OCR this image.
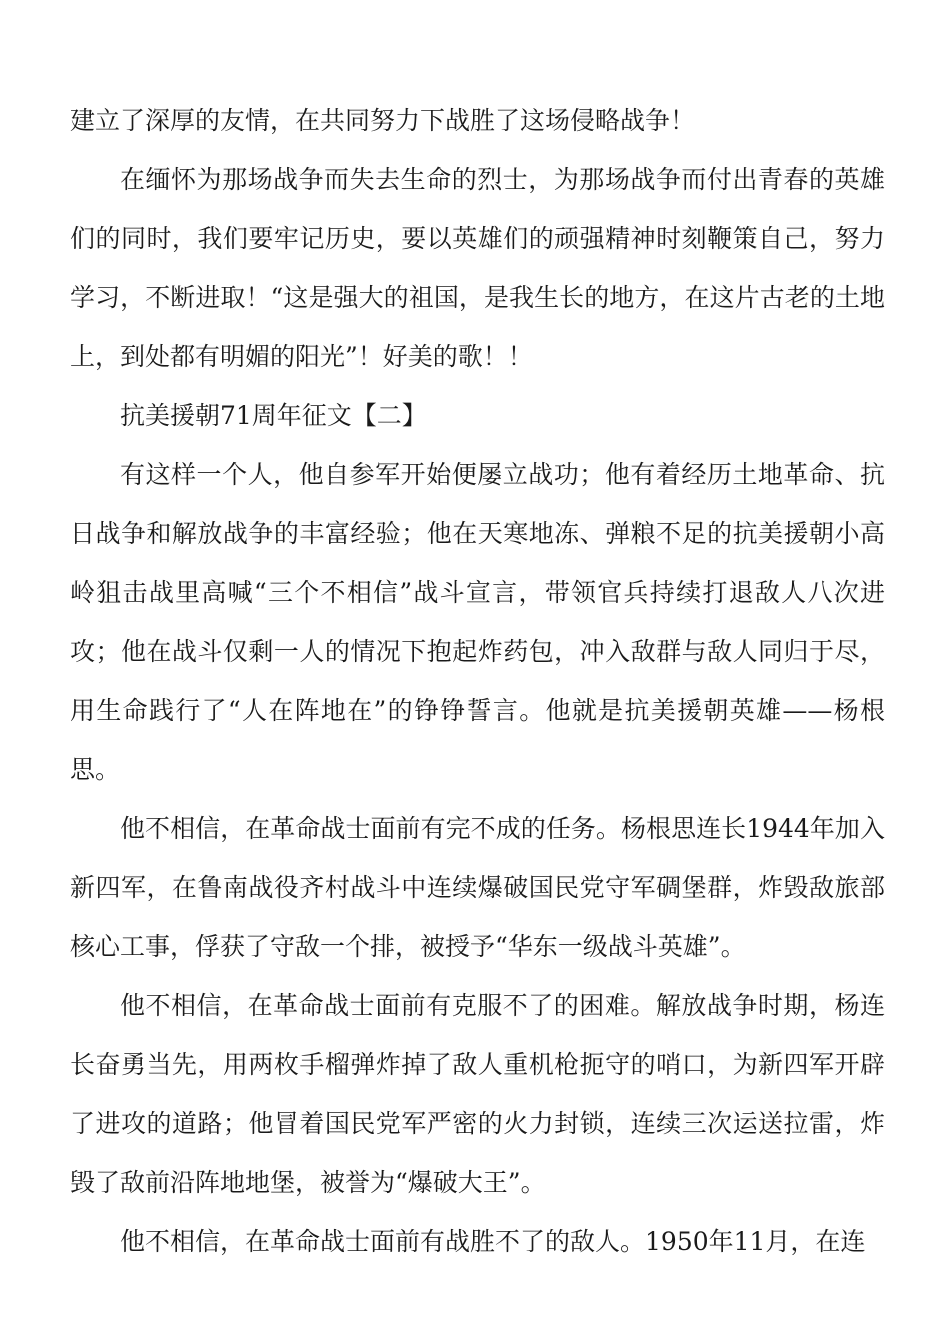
建立了深厚的友情，在共同努力下战胜了这场侵略战争！

在缅怀为那场战争而失去生命的烈士，为那场战争而付出青春的英雄们的同时，我们要牢记历史，要以英雄们的顽强精神时刻鞭策自己，努力学习，不断进取！“这是强大的祖国，是我生长的地方，在这片古老的土地上，到处都有明媚的阳光”！好美的歌！！

抗美援朝71周年征文【二】

有这样一个人，他自参军开始便屡立战功；他有着经历土地革命、抗日战争和解放战争的丰富经验；他在天寒地冻、弹粮不足的抗美援朝小高岭狙击战里高喊“三个不相信”战斗宣言，带领官兵持续打退敌人八次进攻；他在战斗仅剩一人的情况下抱起炸药包，冲入敌群与敌人同归于尽，用生命践行了“人在阵地在”的铮铮誓言。他就是抗美援朝英雄——杨根思。

他不相信，在革命战士面前有完不成的任务。杨根思连长1944年加入新四军，在鲁南战役齐村战斗中连续爆破国民党守军碉堡群，炸毁敌旅部核心工事，俘获了守敌一个排，被授予“华东一级战斗英雄”。

他不相信，在革命战士面前有克服不了的困难。解放战争时期，杨连长奋勇当先，用两枚手榴弹炸掉了敌人重机枪扼守的哨口，为新四军开辟了进攻的道路；他冒着国民党军严密的火力封锁，连续三次运送拉雷，炸毁了敌前沿阵地地堡，被誉为“爆破大王”。

他不相信，在革命战士面前有战胜不了的敌人。1950年11月，在连
